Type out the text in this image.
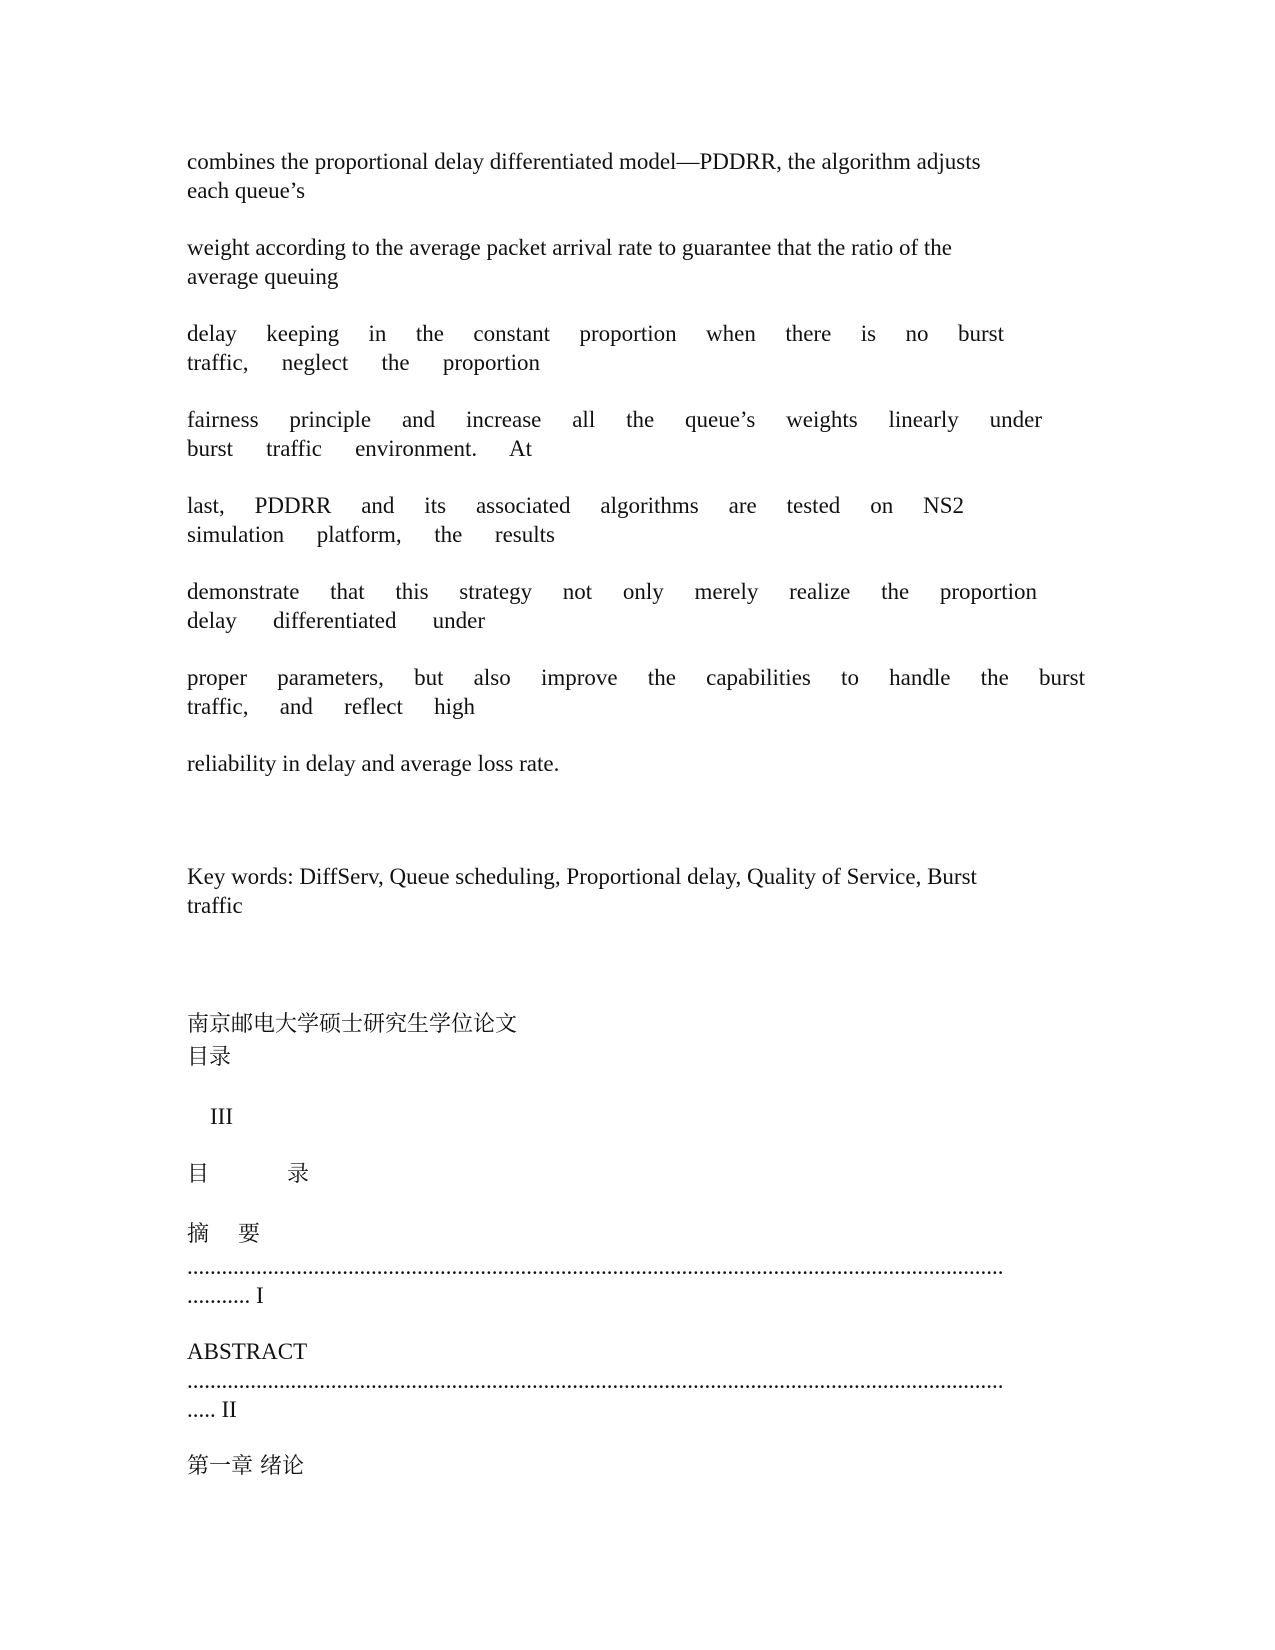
combines the proportional delay differentiated model—PDDRR, the algorithm adjusts
each queue’s
weight according to the average packet arrival rate to guarantee that the ratio of the
average queuing
delay keeping in the constant proportion when there is no burst
traffic, neglect the proportion
fairness principle and increase all the queue’s weights linearly under
burst traffic environment. At
last, PDDRR and its associated algorithms are tested on NS2
simulation platform, the results
demonstrate that this strategy not only merely realize the proportion
delay differentiated under
proper parameters, but also improve the capabilities to handle the burst
traffic, and reflect high
reliability in delay and average loss rate.
Key words: DiffServ, Queue scheduling, Proportional delay, Quality of Service, Burst
traffic
南京邮电大学硕士研究生学位论文
目录
III
目	录
摘 要
..............................................................................................................................................
........... I
ABSTRACT
..............................................................................................................................................
..... II
第一章 绪论
